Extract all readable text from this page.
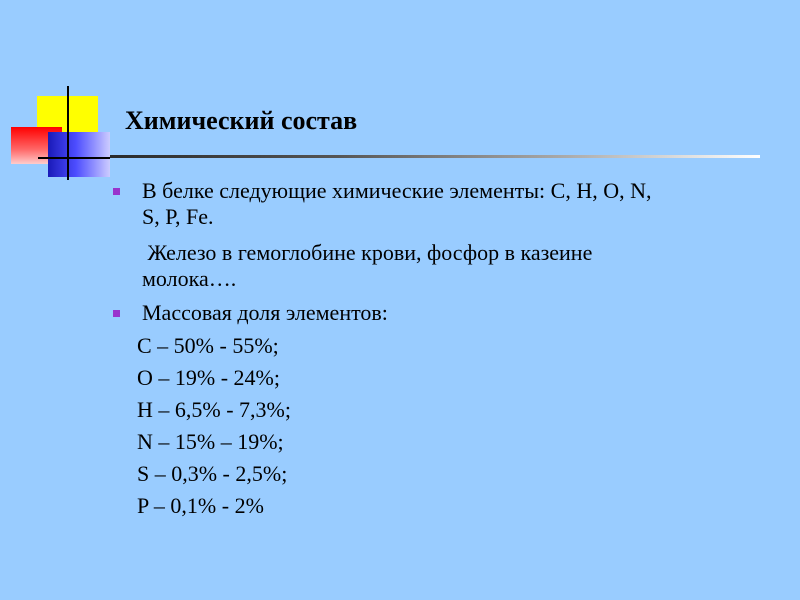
Химический состав
В белке следующие химические элементы: C, H, O, N,
S, P, Fe.
Железо в гемоглобине крови, фосфор в казеине
молока….
Массовая доля элементов:
C – 50% - 55%;
O – 19% - 24%;
H – 6,5% - 7,3%;
N – 15% – 19%;
S – 0,3% - 2,5%;
P – 0,1% - 2%
